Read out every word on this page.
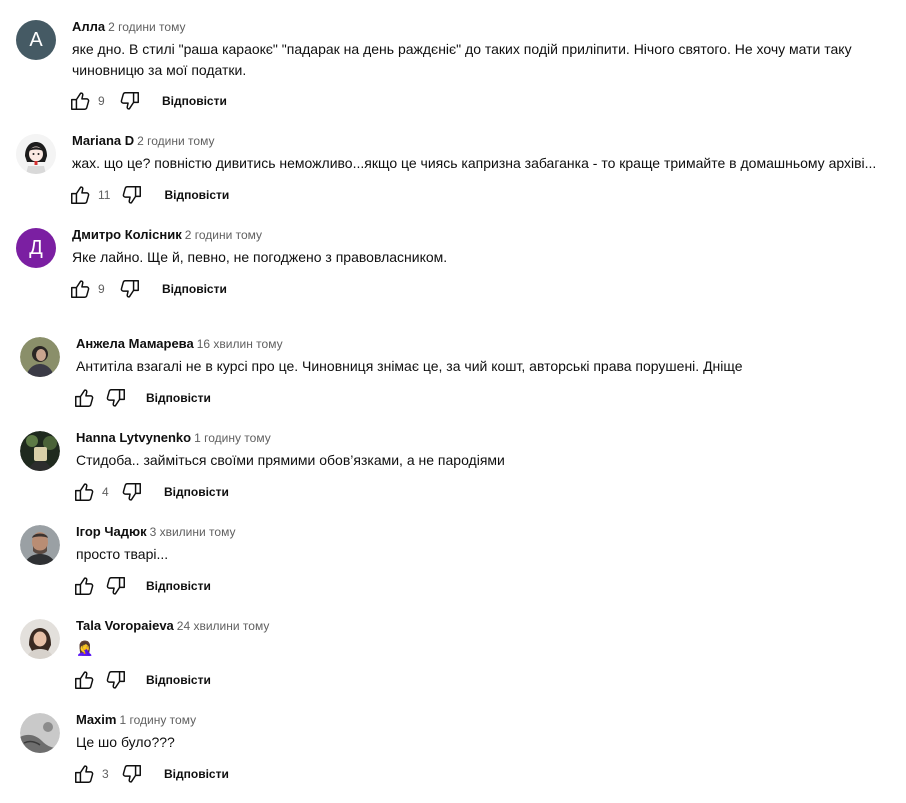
А
Алла 2 години тому
яке дно. В стилі "раша караокє" "падарак на день раждєніє" до таких подій приліпити. Нічого святого. Не хочу мати таку чиновницю за мої податки.
9	Відповісти
Mariana D 2 години тому
жах. що це? повністю дивитись неможливо...якщо це чиясь капризна забаганка - то краще тримайте в домашньому архіві...
11	Відповісти
Д
Дмитро Колісник 2 години тому
Яке лайно. Ще й, певно, не погоджено з правовласником.
9	Відповісти
Анжела Мамарева 16 хвилин тому
Антитіла взагалі не в курсі про це. Чиновниця знімає це, за чий кошт, авторські права порушені. Дніще
Відповісти
Hanna Lytvynenko 1 годину тому
Стидоба.. займіться своїми прямими обов’язками, а не пародіями
4	Відповісти
Ігор Чадюк 3 хвилини тому
просто тварі...
Відповісти
Tala Voropaieva 24 хвилини тому
🤦‍♀️
Відповісти
Maxim 1 годину тому
Це шо було???
3	Відповісти
